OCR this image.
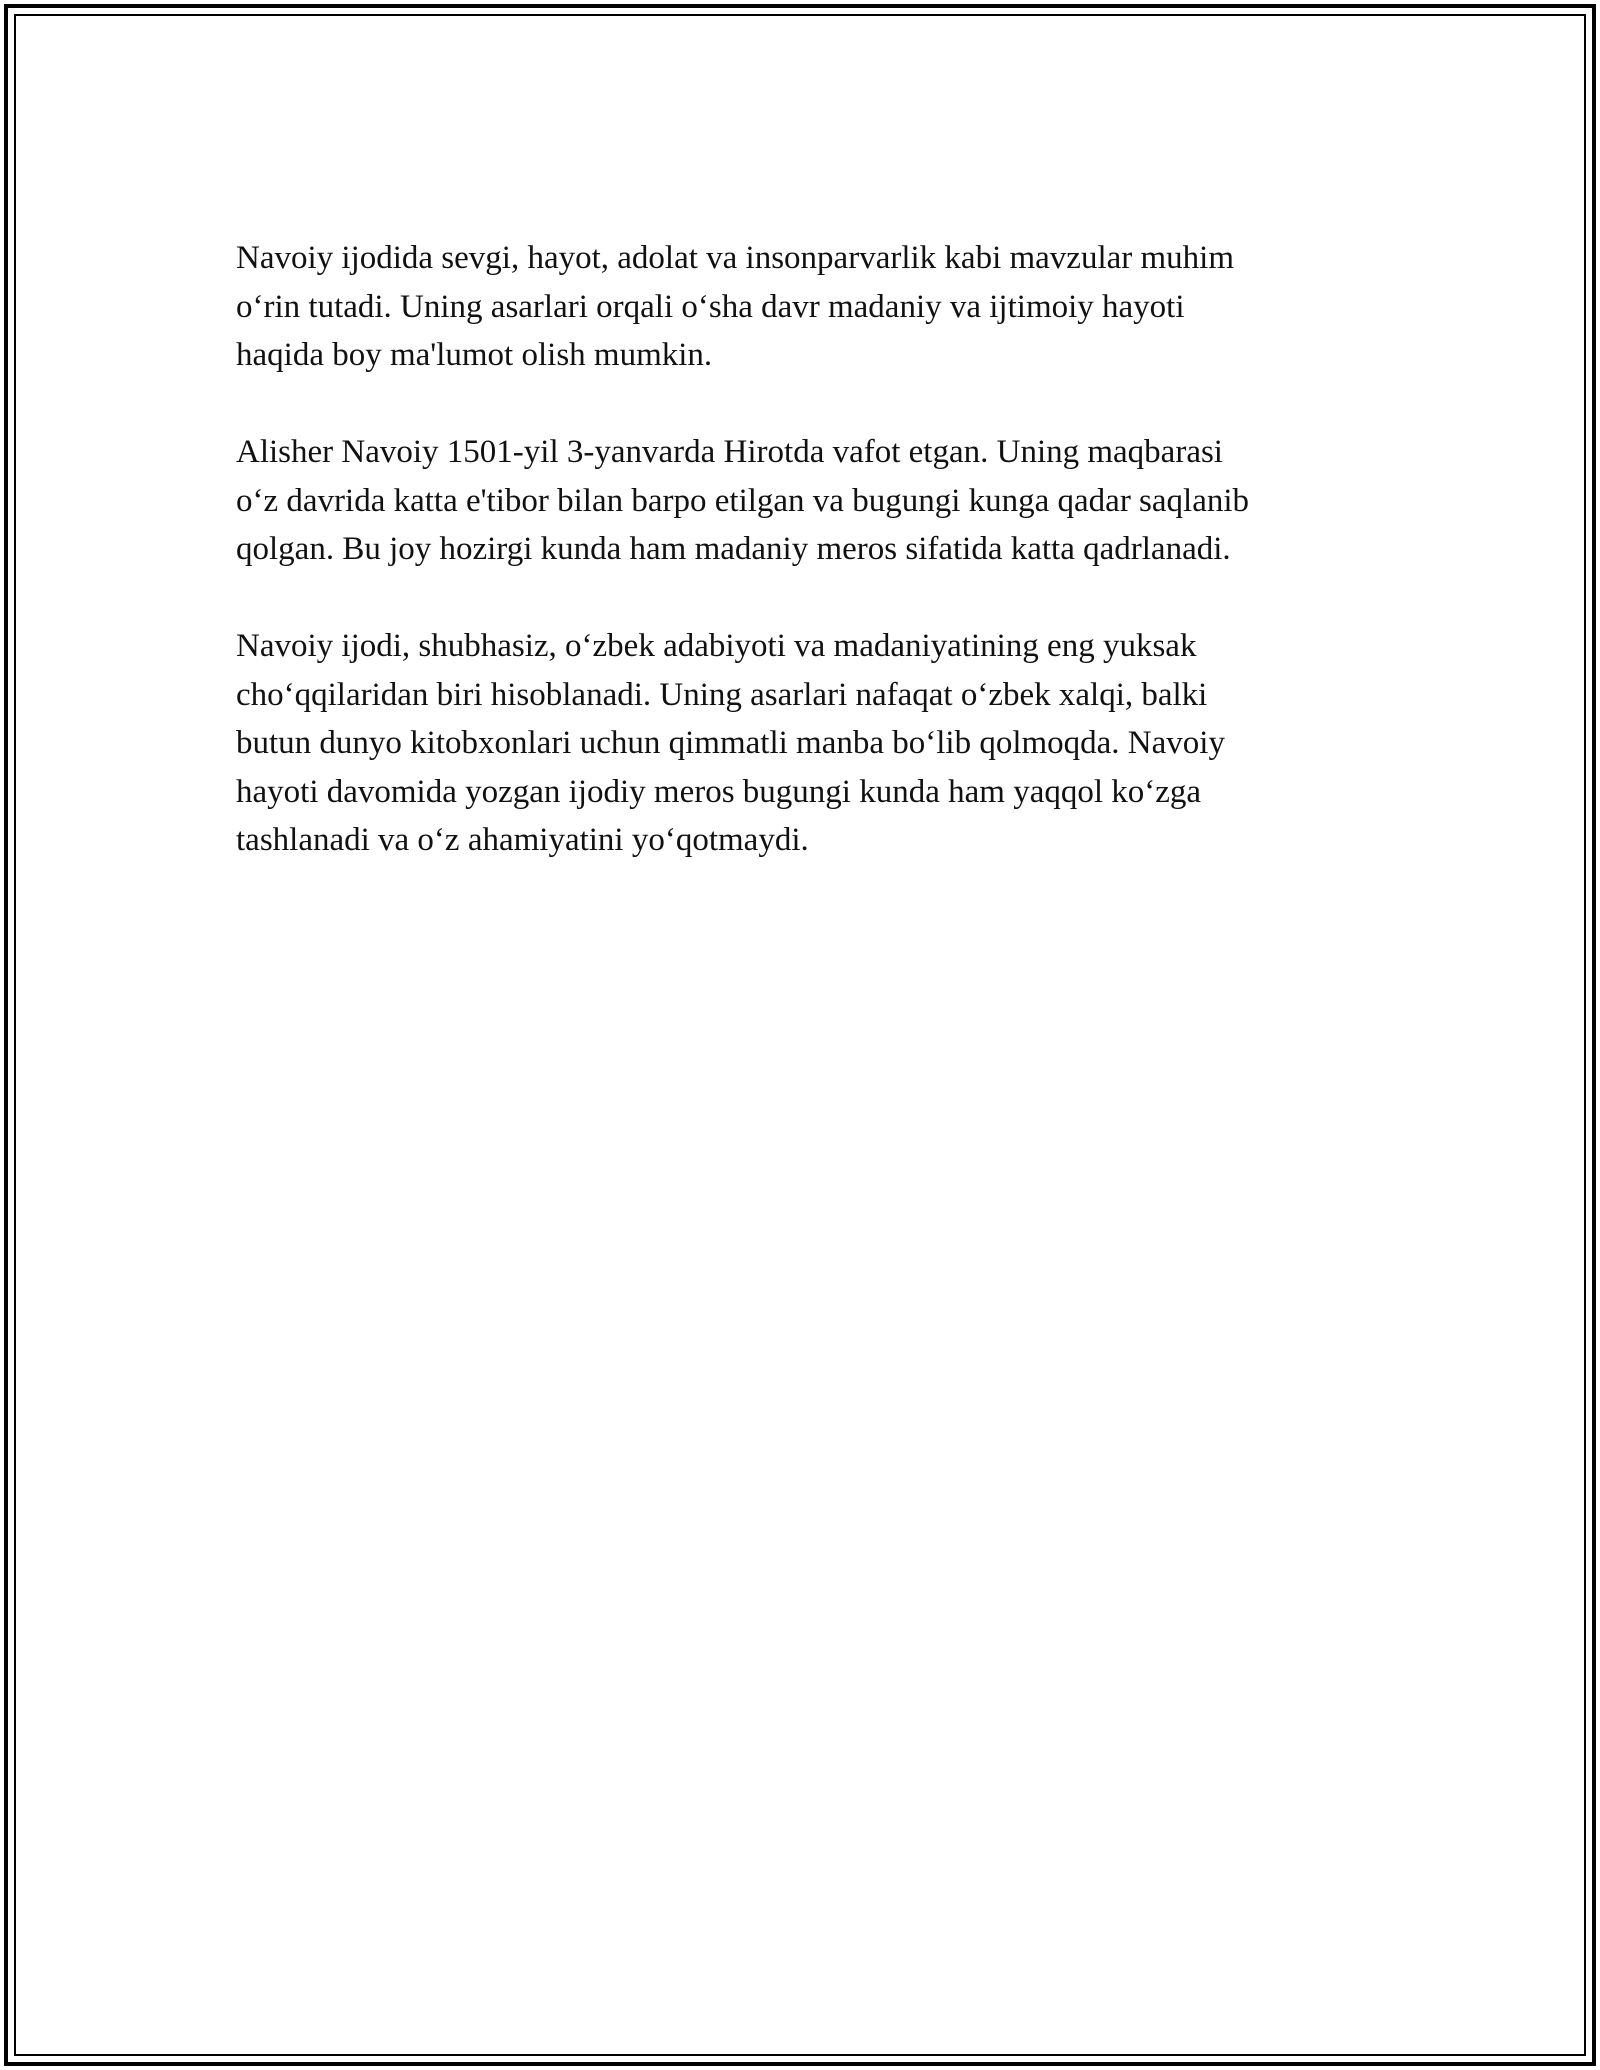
Navoiy ijodida sevgi, hayot, adolat va insonparvarlik kabi mavzular muhim
o‘rin tutadi. Uning asarlari orqali o‘sha davr madaniy va ijtimoiy hayoti
haqida boy ma'lumot olish mumkin.

Alisher Navoiy 1501-yil 3-yanvarda Hirotda vafot etgan. Uning maqbarasi
o‘z davrida katta e'tibor bilan barpo etilgan va bugungi kunga qadar saqlanib
qolgan. Bu joy hozirgi kunda ham madaniy meros sifatida katta qadrlanadi.

Navoiy ijodi, shubhasiz, o‘zbek adabiyoti va madaniyatining eng yuksak
cho‘qqilaridan biri hisoblanadi. Uning asarlari nafaqat o‘zbek xalqi, balki
butun dunyo kitobxonlari uchun qimmatli manba bo‘lib qolmoqda. Navoiy
hayoti davomida yozgan ijodiy meros bugungi kunda ham yaqqol ko‘zga
tashlanadi va o‘z ahamiyatini yo‘qotmaydi.
